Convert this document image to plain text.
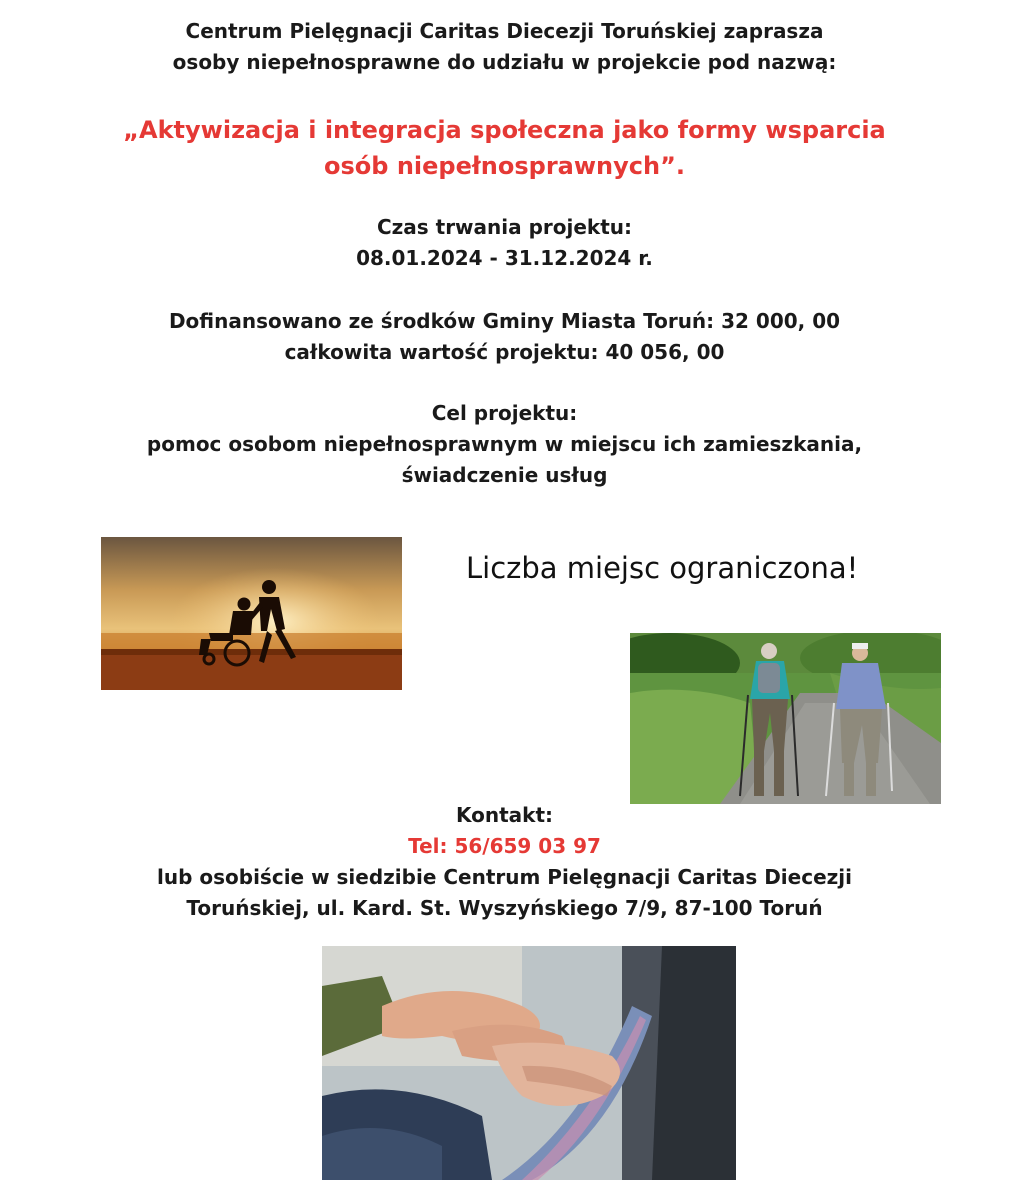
Centrum Pielęgnacji Caritas Diecezji Toruńskiej zaprasza
osoby niepełnosprawne do udziału w projekcie pod nazwą:
„Aktywizacja i integracja społeczna jako formy wsparcia
osób niepełnosprawnych”.
Czas trwania projektu:
08.01.2024 - 31.12.2024 r.
Dofinansowano ze środków Gminy Miasta Toruń: 32 000, 00
całkowita wartość projektu: 40 056, 00
Cel projektu:
pomoc osobom niepełnosprawnym w miejscu ich zamieszkania,
świadczenie usług
Liczba miejsc ograniczona!
Kontakt:
Tel: 56/659 03 97
lub osobiście w siedzibie Centrum Pielęgnacji Caritas Diecezji
Toruńskiej, ul. Kard. St. Wyszyńskiego 7/9, 87-100 Toruń
